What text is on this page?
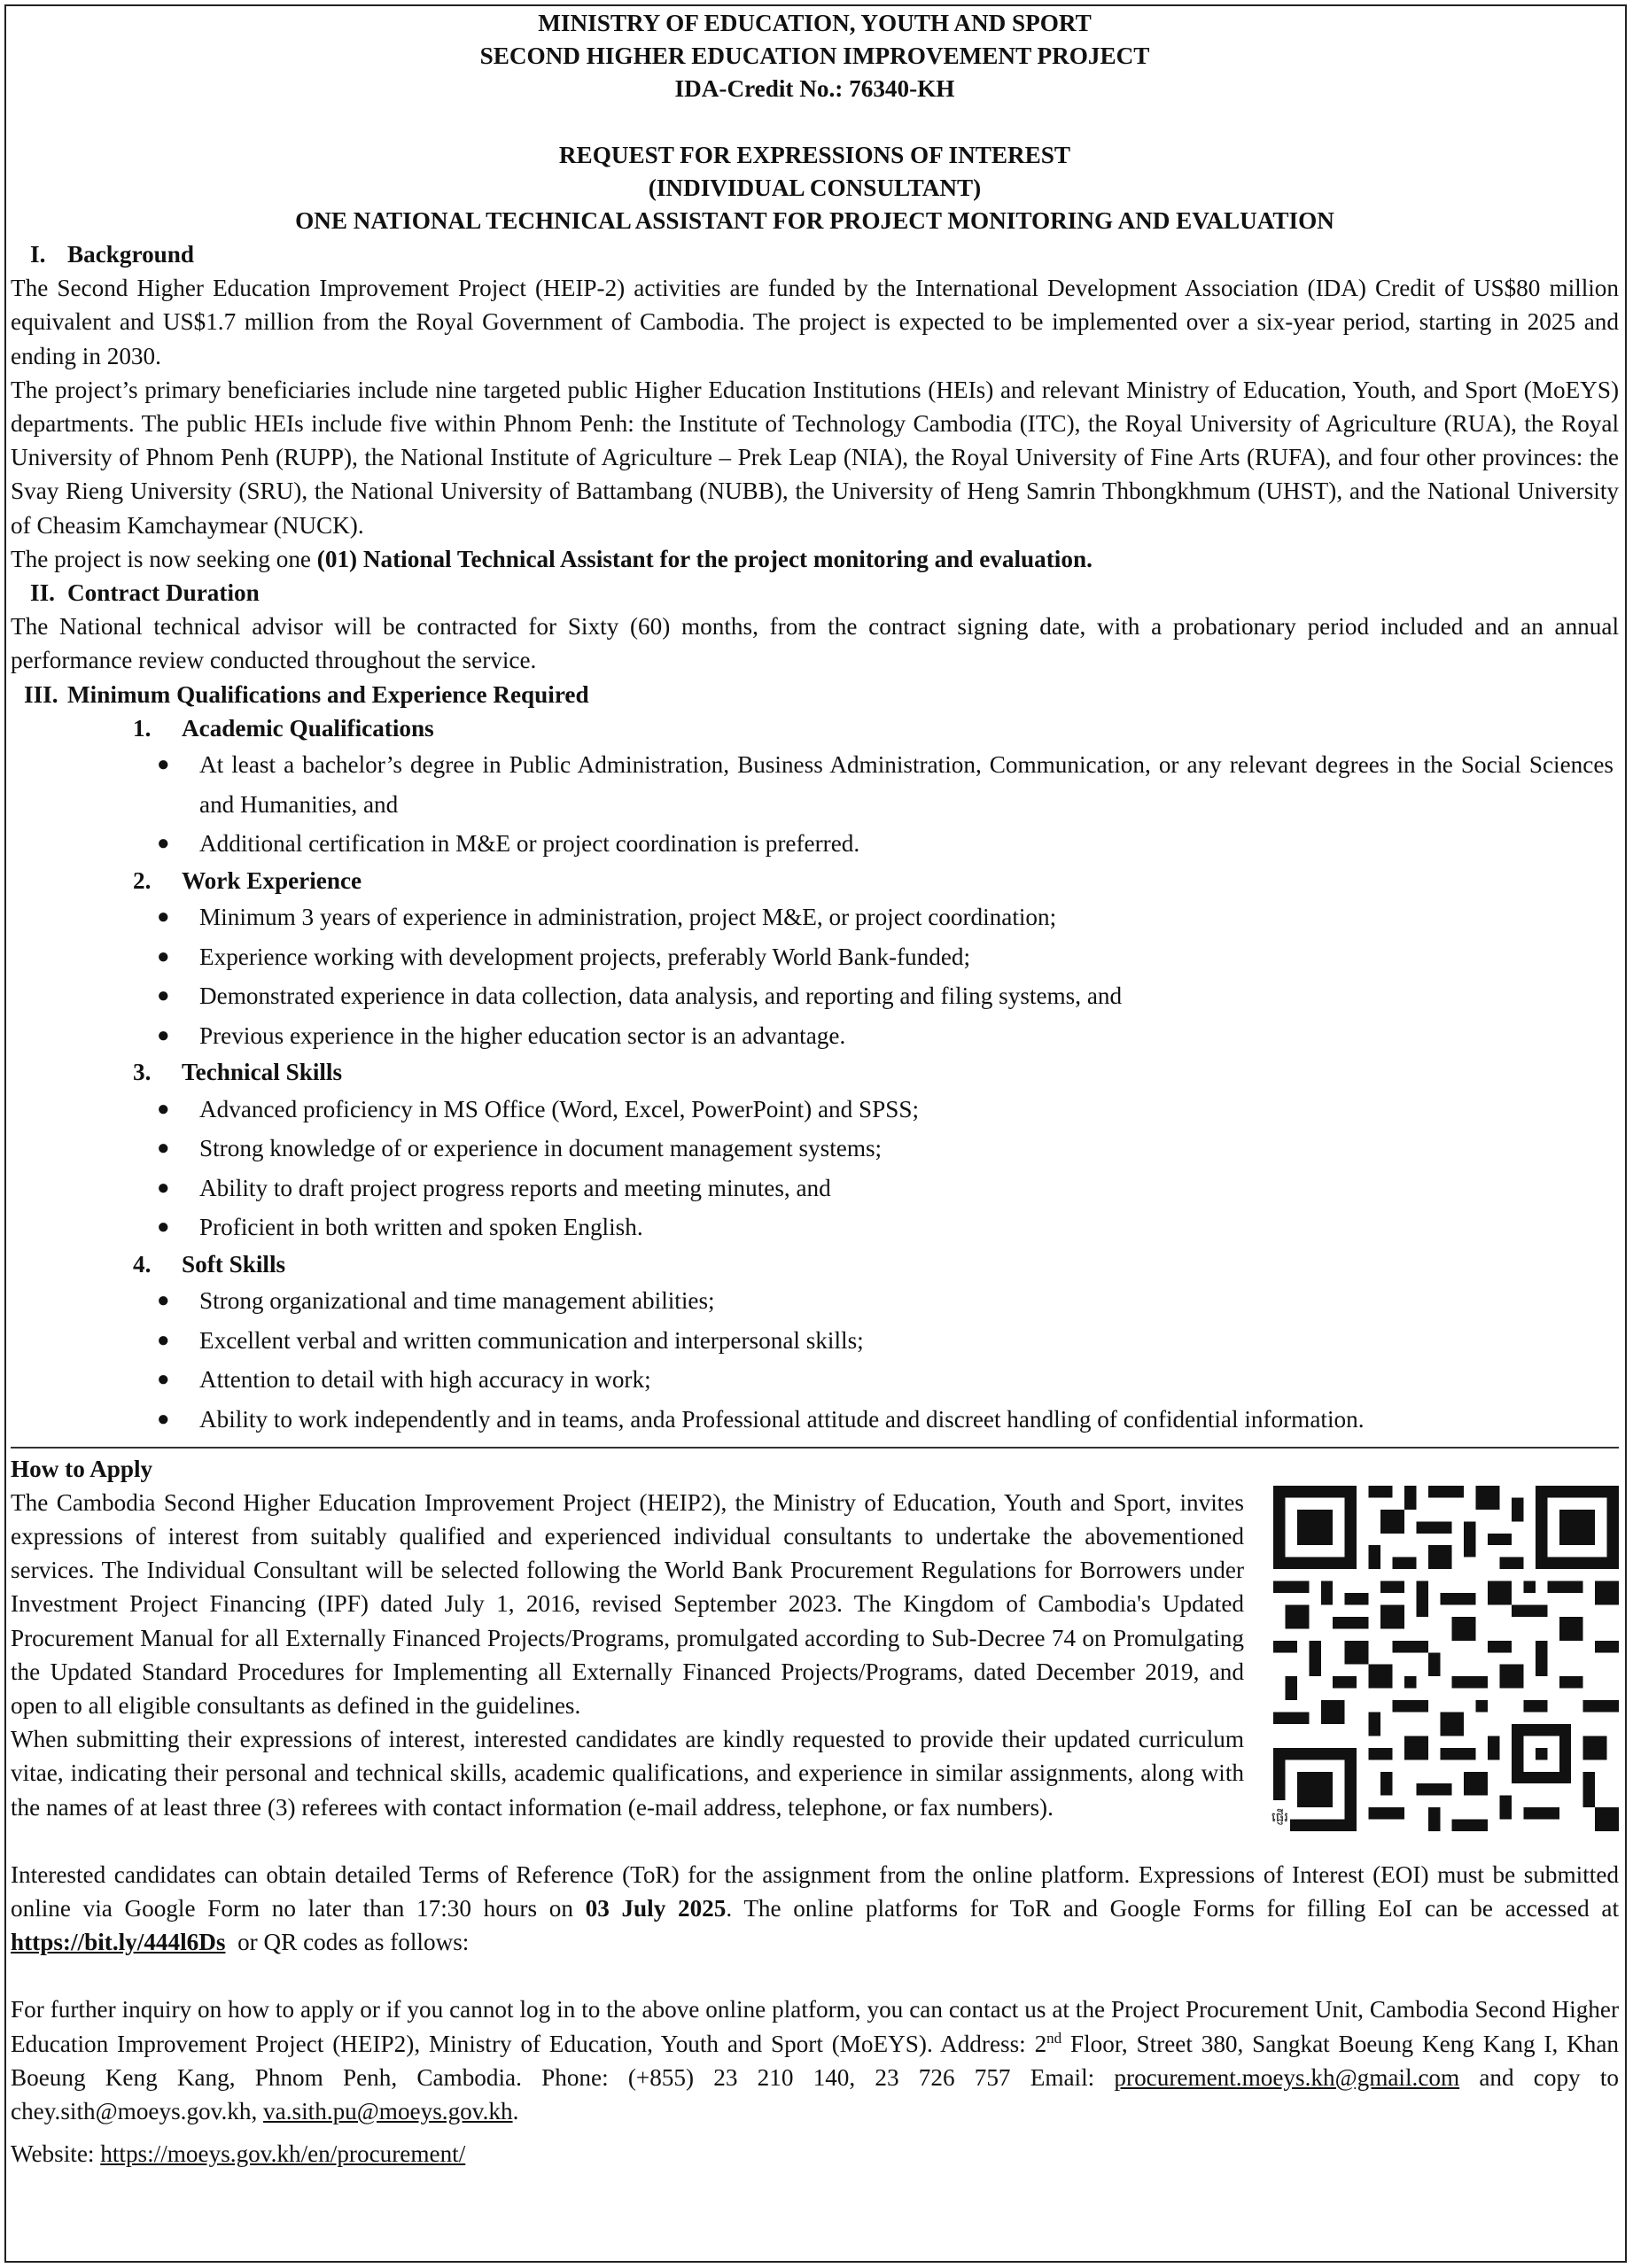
MINISTRY OF EDUCATION, YOUTH AND SPORT
SECOND HIGHER EDUCATION IMPROVEMENT PROJECT
IDA-Credit No.: 76340-KH
REQUEST FOR EXPRESSIONS OF INTEREST
(INDIVIDUAL CONSULTANT)
ONE NATIONAL TECHNICAL ASSISTANT FOR PROJECT MONITORING AND EVALUATION
I. Background
The Second Higher Education Improvement Project (HEIP-2) activities are funded by the International Development Association (IDA) Credit of US$80 million equivalent and US$1.7 million from the Royal Government of Cambodia. The project is expected to be implemented over a six-year period, starting in 2025 and ending in 2030.
The project’s primary beneficiaries include nine targeted public Higher Education Institutions (HEIs) and relevant Ministry of Education, Youth, and Sport (MoEYS) departments. The public HEIs include five within Phnom Penh: the Institute of Technology Cambodia (ITC), the Royal University of Agriculture (RUA), the Royal University of Phnom Penh (RUPP), the National Institute of Agriculture – Prek Leap (NIA), the Royal University of Fine Arts (RUFA), and four other provinces: the Svay Rieng University (SRU), the National University of Battambang (NUBB), the University of Heng Samrin Thbongkhmum (UHST), and the National University of Cheasim Kamchaymear (NUCK).
The project is now seeking one (01) National Technical Assistant for the project monitoring and evaluation.
II. Contract Duration
The National technical advisor will be contracted for Sixty (60) months, from the contract signing date, with a probationary period included and an annual performance review conducted throughout the service.
III. Minimum Qualifications and Experience Required
1. Academic Qualifications
● At least a bachelor’s degree in Public Administration, Business Administration, Communication, or any relevant degrees in the Social Sciences and Humanities, and
● Additional certification in M&E or project coordination is preferred.
2. Work Experience
● Minimum 3 years of experience in administration, project M&E, or project coordination;
● Experience working with development projects, preferably World Bank-funded;
● Demonstrated experience in data collection, data analysis, and reporting and filing systems, and
● Previous experience in the higher education sector is an advantage.
3. Technical Skills
● Advanced proficiency in MS Office (Word, Excel, PowerPoint) and SPSS;
● Strong knowledge of or experience in document management systems;
● Ability to draft project progress reports and meeting minutes, and
● Proficient in both written and spoken English.
4. Soft Skills
● Strong organizational and time management abilities;
● Excellent verbal and written communication and interpersonal skills;
● Attention to detail with high accuracy in work;
● Ability to work independently and in teams, anda Professional attitude and discreet handling of confidential information.
How to Apply
The Cambodia Second Higher Education Improvement Project (HEIP2), the Ministry of Education, Youth and Sport, invites expressions of interest from suitably qualified and experienced individual consultants to undertake the abovementioned services. The Individual Consultant will be selected following the World Bank Procurement Regulations for Borrowers under Investment Project Financing (IPF) dated July 1, 2016, revised September 2023. The Kingdom of Cambodia's Updated Procurement Manual for all Externally Financed Projects/Programs, promulgated according to Sub-Decree 74 on Promulgating the Updated Standard Procedures for Implementing all Externally Financed Projects/Programs, dated December 2019, and open to all eligible consultants as defined in the guidelines.
When submitting their expressions of interest, interested candidates are kindly requested to provide their updated curriculum vitae, indicating their personal and technical skills, academic qualifications, and experience in similar assignments, along with the names of at least three (3) referees with contact information (e-mail address, telephone, or fax numbers).	ផ្ញើរ
Interested candidates can obtain detailed Terms of Reference (ToR) for the assignment from the online platform. Expressions of Interest (EOI) must be submitted online via Google Form no later than 17:30 hours on 03 July 2025. The online platforms for ToR and Google Forms for filling EoI can be accessed at https://bit.ly/444l6Ds  or QR codes as follows:
For further inquiry on how to apply or if you cannot log in to the above online platform, you can contact us at the Project Procurement Unit, Cambodia Second Higher Education Improvement Project (HEIP2), Ministry of Education, Youth and Sport (MoEYS). Address: 2nd Floor, Street 380, Sangkat Boeung Keng Kang I, Khan Boeung Keng Kang, Phnom Penh, Cambodia. Phone: (+855) 23 210 140, 23 726 757 Email: procurement.moeys.kh@gmail.com and copy to chey.sith@moeys.gov.kh, va.sith.pu@moeys.gov.kh.
Website: https://moeys.gov.kh/en/procurement/
